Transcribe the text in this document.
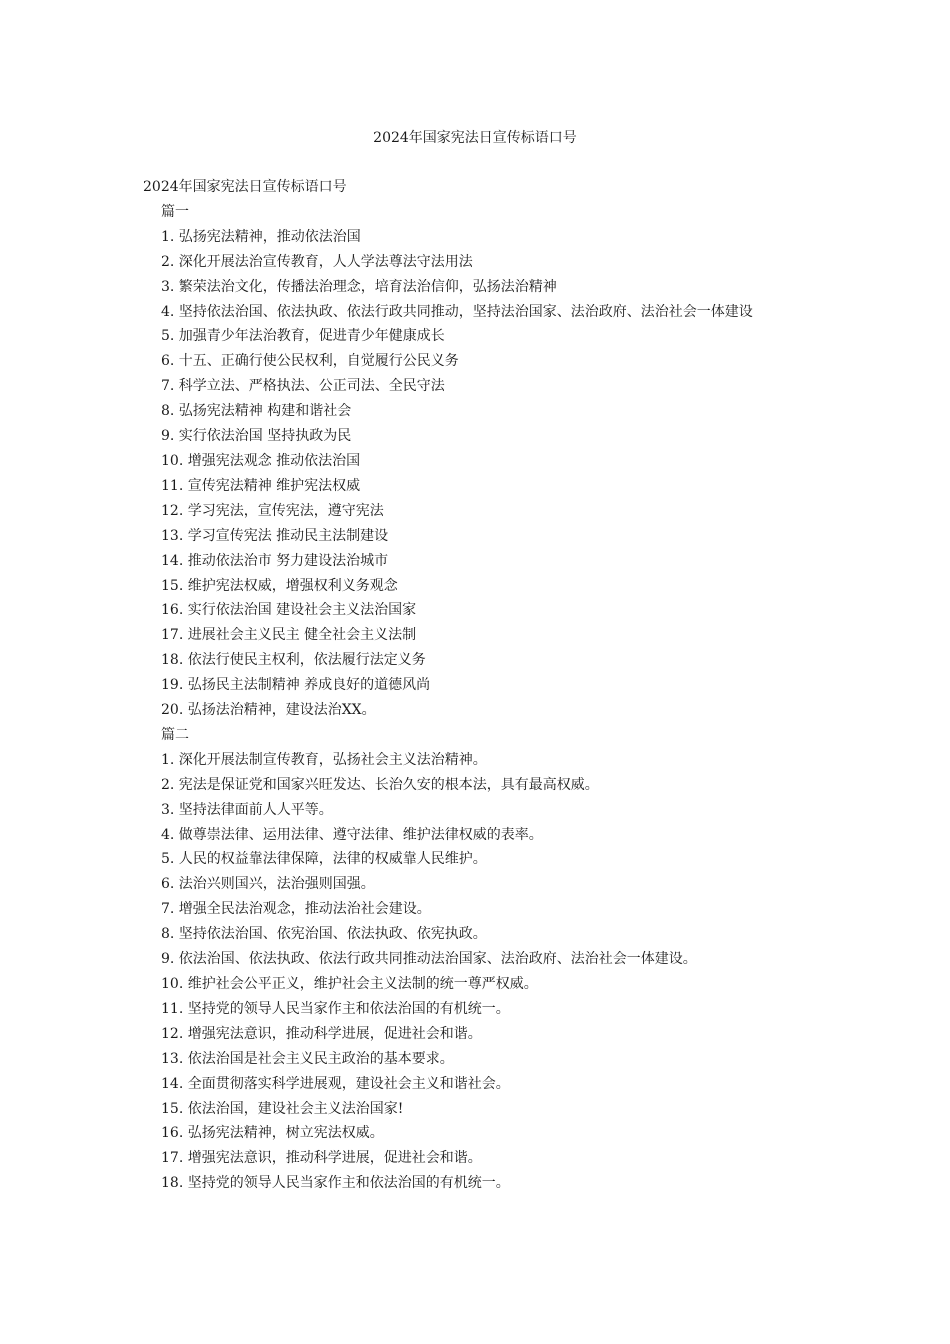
2024年国家宪法日宣传标语口号
2024年国家宪法日宣传标语口号
篇一
1. 弘扬宪法精神，推动依法治国
2. 深化开展法治宣传教育，人人学法尊法守法用法
3. 繁荣法治文化，传播法治理念，培育法治信仰，弘扬法治精神
4. 坚持依法治国、依法执政、依法行政共同推动，坚持法治国家、法治政府、法治社会一体建设
5. 加强青少年法治教育，促进青少年健康成长
6. 十五、正确行使公民权利，自觉履行公民义务
7. 科学立法、严格执法、公正司法、全民守法
8. 弘扬宪法精神 构建和谐社会
9. 实行依法治国 坚持执政为民
10. 增强宪法观念 推动依法治国
11. 宣传宪法精神 维护宪法权威
12. 学习宪法，宣传宪法，遵守宪法
13. 学习宣传宪法 推动民主法制建设
14. 推动依法治市 努力建设法治城市
15. 维护宪法权威，增强权利义务观念
16. 实行依法治国 建设社会主义法治国家
17. 进展社会主义民主 健全社会主义法制
18. 依法行使民主权利，依法履行法定义务
19. 弘扬民主法制精神 养成良好的道德风尚
20. 弘扬法治精神，建设法治XX。
篇二
1. 深化开展法制宣传教育，弘扬社会主义法治精神。
2. 宪法是保证党和国家兴旺发达、长治久安的根本法，具有最高权威。
3. 坚持法律面前人人平等。
4. 做尊崇法律、运用法律、遵守法律、维护法律权威的表率。
5. 人民的权益靠法律保障，法律的权威靠人民维护。
6. 法治兴则国兴，法治强则国强。
7. 增强全民法治观念，推动法治社会建设。
8. 坚持依法治国、依宪治国、依法执政、依宪执政。
9. 依法治国、依法执政、依法行政共同推动法治国家、法治政府、法治社会一体建设。
10. 维护社会公平正义，维护社会主义法制的统一尊严权威。
11. 坚持党的领导人民当家作主和依法治国的有机统一。
12. 增强宪法意识，推动科学进展，促进社会和谐。
13. 依法治国是社会主义民主政治的基本要求。
14. 全面贯彻落实科学进展观，建设社会主义和谐社会。
15. 依法治国，建设社会主义法治国家!
16. 弘扬宪法精神，树立宪法权威。
17. 增强宪法意识，推动科学进展，促进社会和谐。
18. 坚持党的领导人民当家作主和依法治国的有机统一。
